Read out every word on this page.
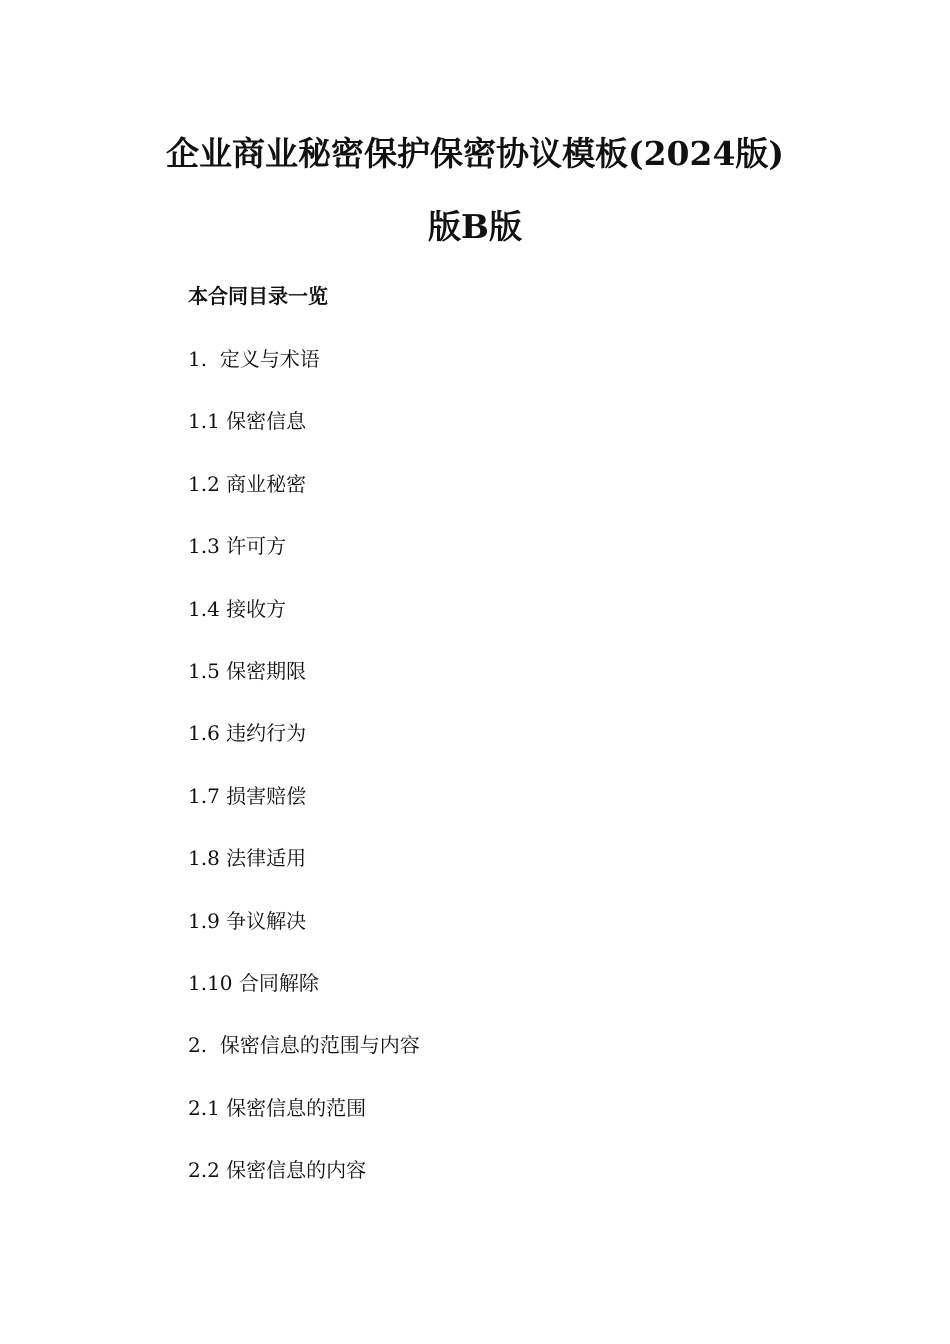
企业商业秘密保护保密协议模板(2024版)
版B版
本合同目录一览
1.  定义与术语
1.1 保密信息
1.2 商业秘密
1.3 许可方
1.4 接收方
1.5 保密期限
1.6 违约行为
1.7 损害赔偿
1.8 法律适用
1.9 争议解决
1.10 合同解除
2.  保密信息的范围与内容
2.1 保密信息的范围
2.2 保密信息的内容
